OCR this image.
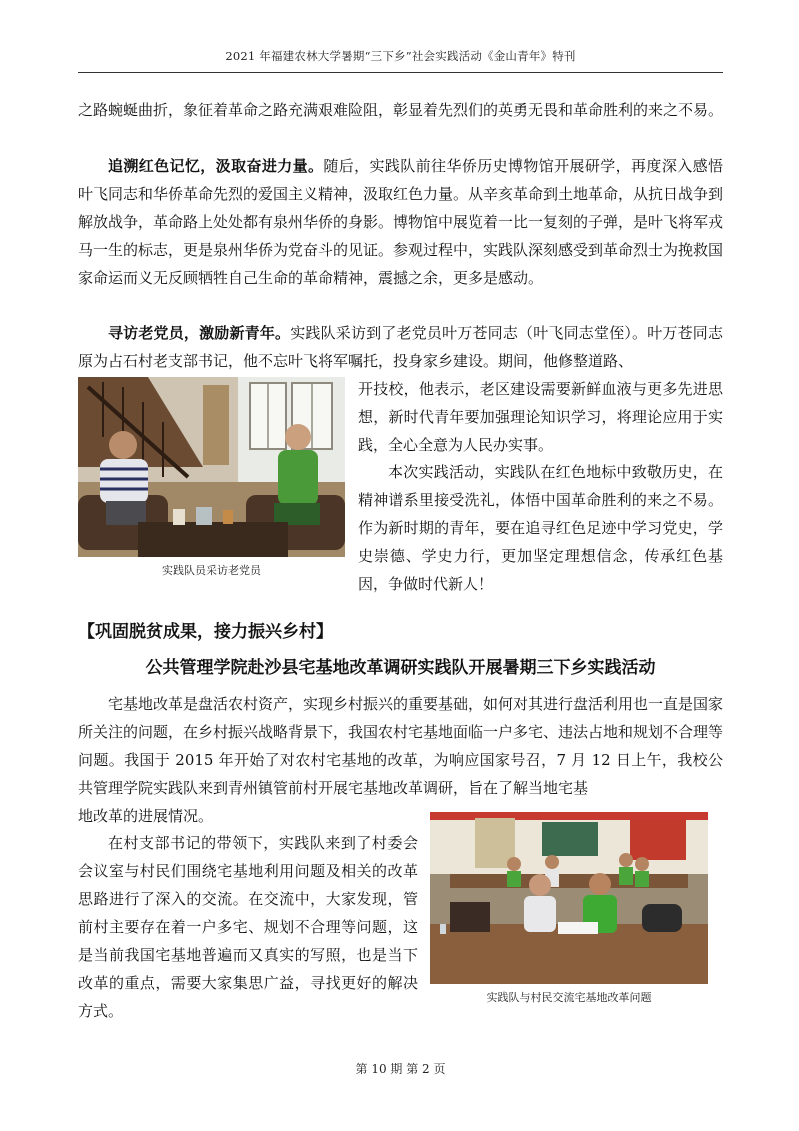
2021 年福建农林大学暑期“三下乡”社会实践活动《金山青年》特刊

之路蜿蜒曲折，象征着革命之路充满艰难险阻，彰显着先烈们的英勇无畏和革命胜利的来之不易。

追溯红色记忆，汲取奋进力量。随后，实践队前往华侨历史博物馆开展研学，再度深入感悟叶飞同志和华侨革命先烈的爱国主义精神，汲取红色力量。从辛亥革命到土地革命，从抗日战争到解放战争，革命路上处处都有泉州华侨的身影。博物馆中展览着一比一复刻的子弹，是叶飞将军戎马一生的标志，更是泉州华侨为党奋斗的见证。参观过程中，实践队深刻感受到革命烈士为挽救国家命运而义无反顾牺牲自己生命的革命精神，震撼之余，更多是感动。

寻访老党员，激励新青年。实践队采访到了老党员叶万苍同志（叶飞同志堂侄）。叶万苍同志原为占石村老支部书记，他不忘叶飞将军嘱托，投身家乡建设。期间，他修整道路、

实践队员采访老党员

开技校，他表示，老区建设需要新鲜血液与更多先进思想，新时代青年要加强理论知识学习，将理论应用于实践，全心全意为人民办实事。

本次实践活动，实践队在红色地标中致敬历史，在精神谱系里接受洗礼，体悟中国革命胜利的来之不易。作为新时期的青年，要在追寻红色足迹中学习党史，学史崇德、学史力行，更加坚定理想信念，传承红色基因，争做时代新人！

【巩固脱贫成果，接力振兴乡村】
公共管理学院赴沙县宅基地改革调研实践队开展暑期三下乡实践活动

宅基地改革是盘活农村资产，实现乡村振兴的重要基础，如何对其进行盘活利用也一直是国家所关注的问题，在乡村振兴战略背景下，我国农村宅基地面临一户多宅、违法占地和规划不合理等问题。我国于 2015 年开始了对农村宅基地的改革，为响应国家号召，7 月 12 日上午，我校公共管理学院实践队来到青州镇管前村开展宅基地改革调研，旨在了解当地宅基

地改革的进展情况。

实践队与村民交流宅基地改革问题

在村支部书记的带领下，实践队来到了村委会会议室与村民们围绕宅基地利用问题及相关的改革思路进行了深入的交流。在交流中，大家发现，管前村主要存在着一户多宅、规划不合理等问题，这是当前我国宅基地普遍而又真实的写照，也是当下改革的重点，需要大家集思广益，寻找更好的解决方式。

第 10 期 第 2 页
